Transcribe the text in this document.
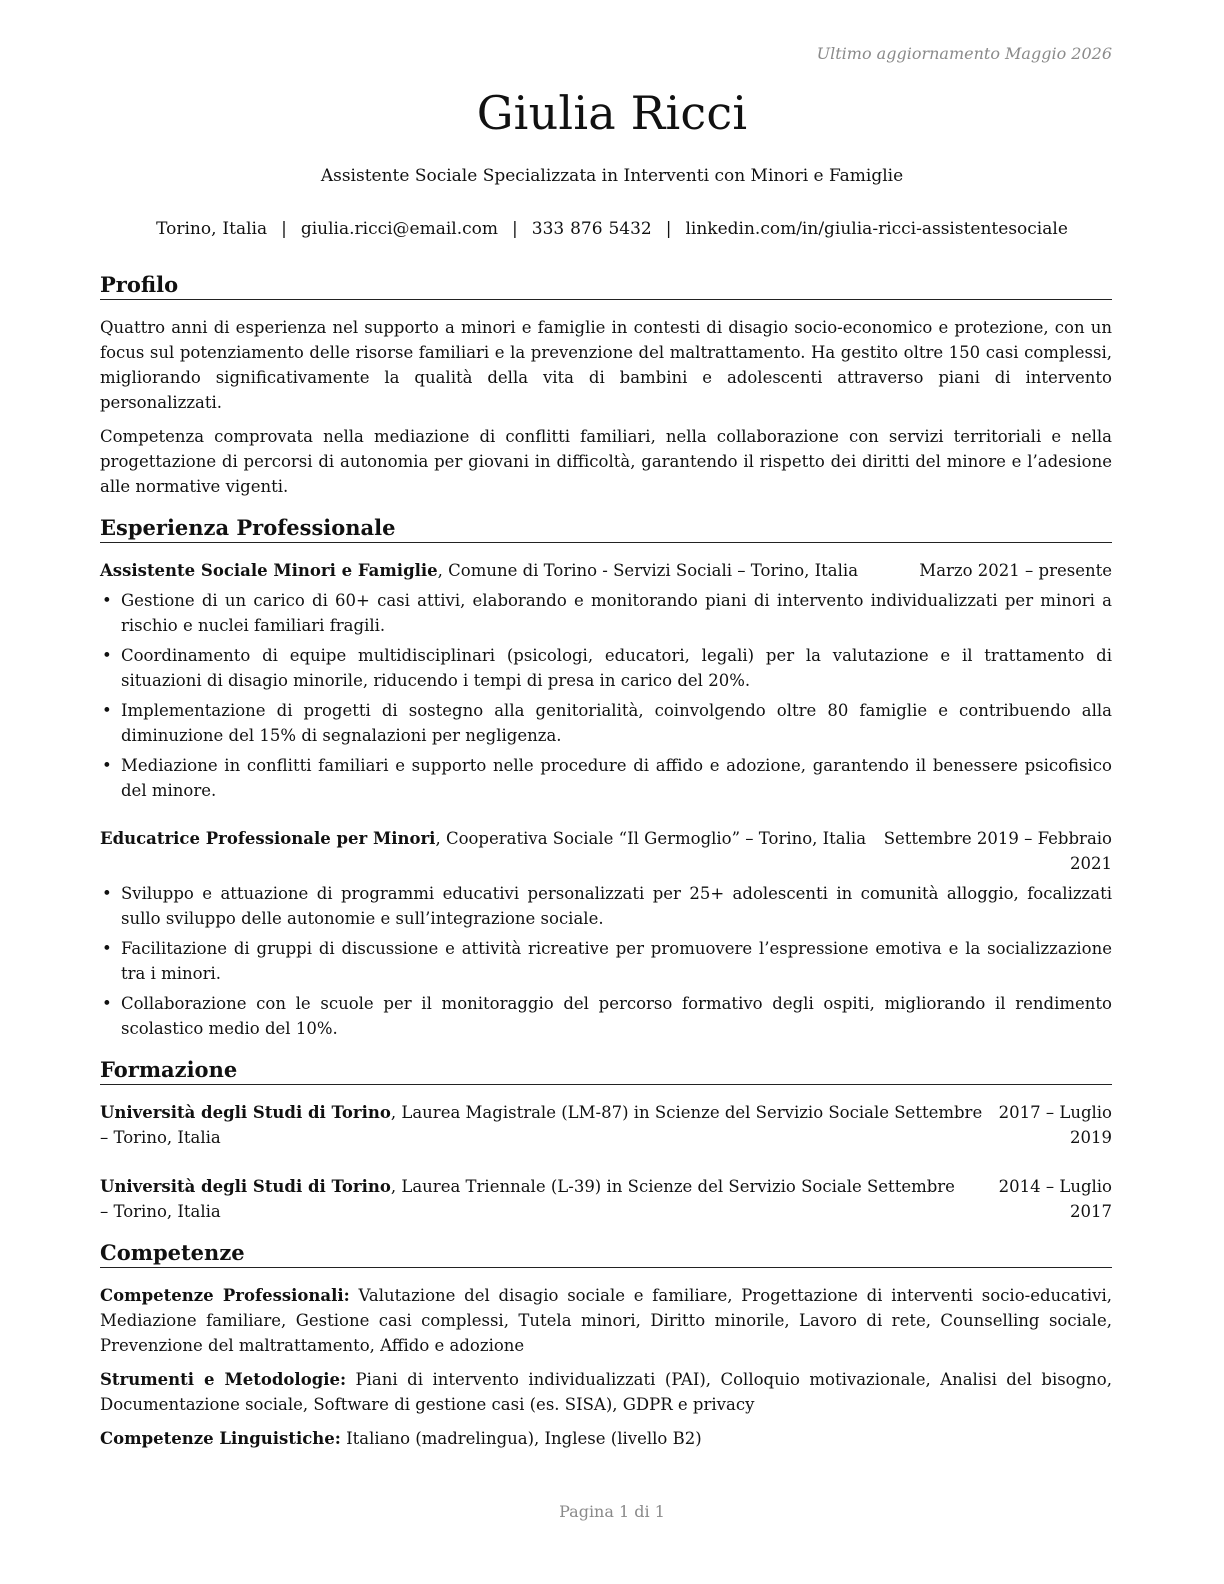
Ultimo aggiornamento Maggio 2026
Giulia Ricci
Assistente Sociale Specializzata in Interventi con Minori e Famiglie
Torino, Italia | giulia.ricci@email.com | 333 876 5432 | linkedin.com/in/giulia-ricci-assistentesociale
Profilo
Quattro anni di esperienza nel supporto a minori e famiglie in contesti di disagio socio-economico e protezione, con un focus sul potenziamento delle risorse familiari e la prevenzione del maltrattamento. Ha gestito oltre 150 casi complessi, migliorando significativamente la qualità della vita di bambini e adolescenti attraverso piani di intervento personalizzati.
Competenza comprovata nella mediazione di conflitti familiari, nella collaborazione con servizi territoriali e nella progettazione di percorsi di autonomia per giovani in difficoltà, garantendo il rispetto dei diritti del minore e l’adesione alle normative vigenti.
Esperienza Professionale
Assistente Sociale Minori e Famiglie, Comune di Torino - Servizi Sociali – Torino, Italia	Marzo 2021 – presente
• Gestione di un carico di 60+ casi attivi, elaborando e monitorando piani di intervento individualizzati per minori a rischio e nuclei familiari fragili.
• Coordinamento di equipe multidisciplinari (psicologi, educatori, legali) per la valutazione e il trattamento di situazioni di disagio minorile, riducendo i tempi di presa in carico del 20%.
• Implementazione di progetti di sostegno alla genitorialità, coinvolgendo oltre 80 famiglie e contribuendo alla diminuzione del 15% di segnalazioni per negligenza.
• Mediazione in conflitti familiari e supporto nelle procedure di affido e adozione, garantendo il benessere psicofisico del minore.
Educatrice Professionale per Minori, Cooperativa Sociale “Il Germoglio” – Torino, Italia Settembre 2019 – Febbraio
2021
• Sviluppo e attuazione di programmi educativi personalizzati per 25+ adolescenti in comunità alloggio, focalizzati sullo sviluppo delle autonomie e sull’integrazione sociale.
• Facilitazione di gruppi di discussione e attività ricreative per promuovere l’espressione emotiva e la socializzazione tra i minori.
• Collaborazione con le scuole per il monitoraggio del percorso formativo degli ospiti, migliorando il rendimento scolastico medio del 10%.
Formazione
Università degli Studi di Torino, Laurea Magistrale (LM-87) in Scienze del Servizio Sociale Settembre
– Torino, Italia
2017 – Luglio
2019
Università degli Studi di Torino, Laurea Triennale (L-39) in Scienze del Servizio Sociale Settembre
– Torino, Italia
2014 – Luglio
2017
Competenze
Competenze Professionali: Valutazione del disagio sociale e familiare, Progettazione di interventi socio-educativi, Mediazione familiare, Gestione casi complessi, Tutela minori, Diritto minorile, Lavoro di rete, Counselling sociale, Prevenzione del maltrattamento, Affido e adozione
Strumenti e Metodologie: Piani di intervento individualizzati (PAI), Colloquio motivazionale, Analisi del bisogno, Documentazione sociale, Software di gestione casi (es. SISA), GDPR e privacy
Competenze Linguistiche: Italiano (madrelingua), Inglese (livello B2)
Pagina 1 di 1
